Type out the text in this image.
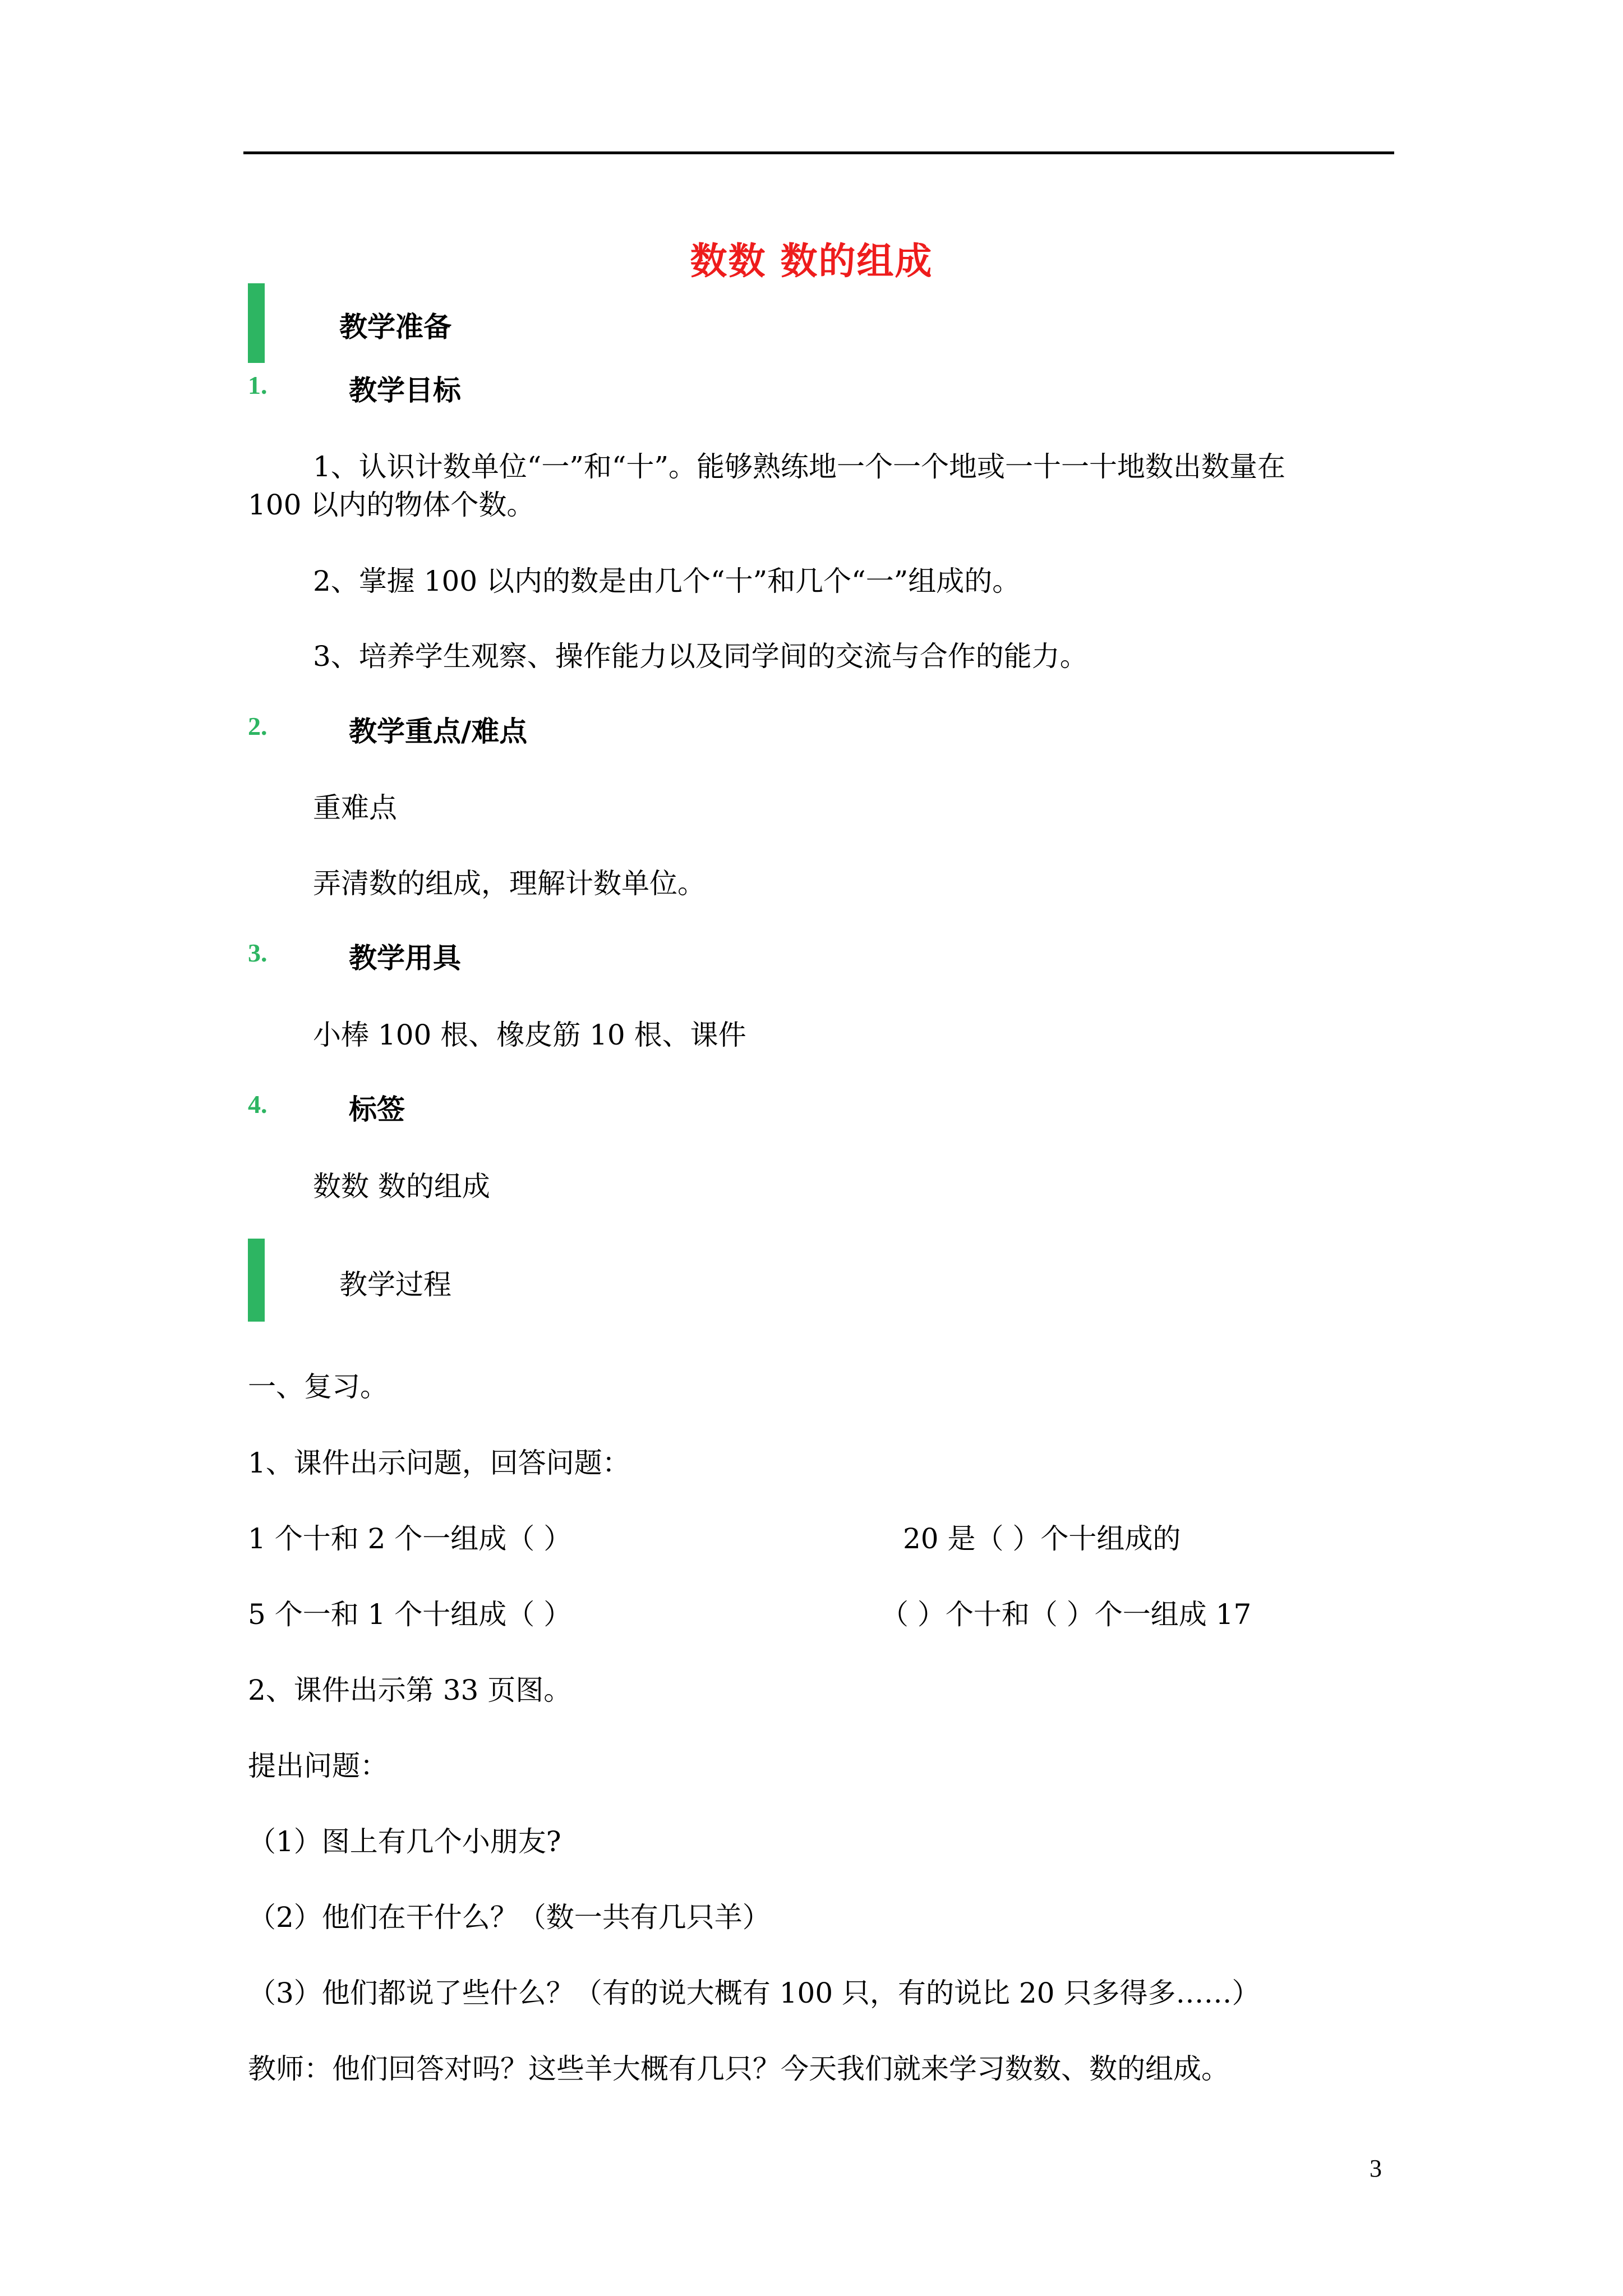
数数 数的组成
教学准备
1.	教学目标
1、认识计数单位“一”和“十”。能够熟练地一个一个地或一十一十地数出数量在
100 以内的物体个数。
2、掌握 100 以内的数是由几个“十”和几个“一”组成的。
3、培养学生观察、操作能力以及同学间的交流与合作的能力。
2.	教学重点/难点
重难点
弄清数的组成，理解计数单位。
3.	教学用具
小棒 100 根、橡皮筋 10 根、课件
4.	标签
数数 数的组成
教学过程
一、复习。
1、课件出示问题，回答问题：
1 个十和 2 个一组成（ ）	20 是（ ）个十组成的
5 个一和 1 个十组成（ ）	（ ）个十和（ ）个一组成 17
2、课件出示第 33 页图。
提出问题：
（1）图上有几个小朋友?
（2）他们在干什么？（数一共有几只羊）
（3）他们都说了些什么？（有的说大概有 100 只，有的说比 20 只多得多……）
教师：他们回答对吗？这些羊大概有几只？今天我们就来学习数数、数的组成。
3
